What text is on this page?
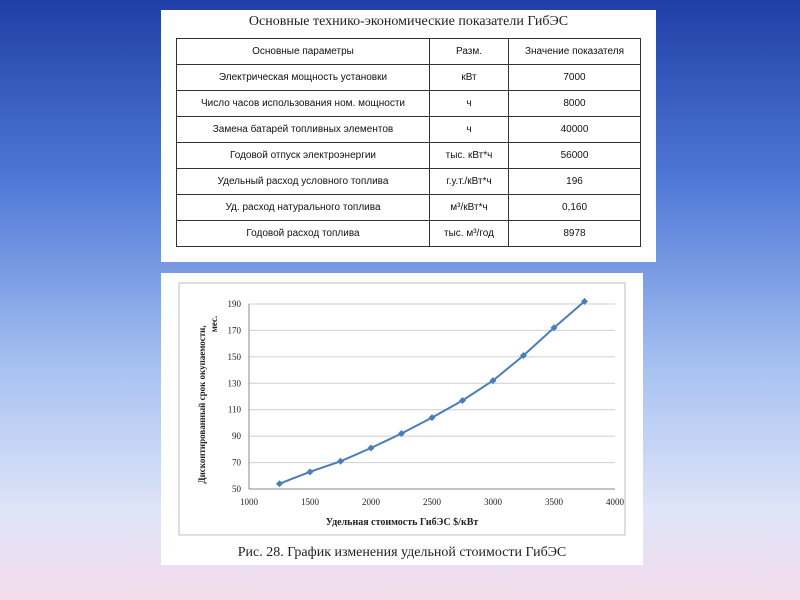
Основные технико-экономические показатели ГибЭС
Основные параметры	Разм.	Значение показателя
Электрическая мощность установки	кВт	7000
Число часов использования ном. мощности	ч	8000
Замена батарей топливных элементов	ч	40000
Годовой отпуск электроэнергии	тыс. кВт*ч	56000
Удельный расход условного топлива	г.у.т./кВт*ч	196
Уд. расход натурального топлива	м³/кВт*ч	0,160
Годовой расход топлива	тыс. м³/год	8978
50
70
90
110
130
150
170
190
1000	1500	2000	2500	3000	3500	4000
Удельная стоимость ГибЭС $/кВт
Дисконтированный срок окупаемости,
мес.
Рис. 28. График изменения удельной стоимости ГибЭС
